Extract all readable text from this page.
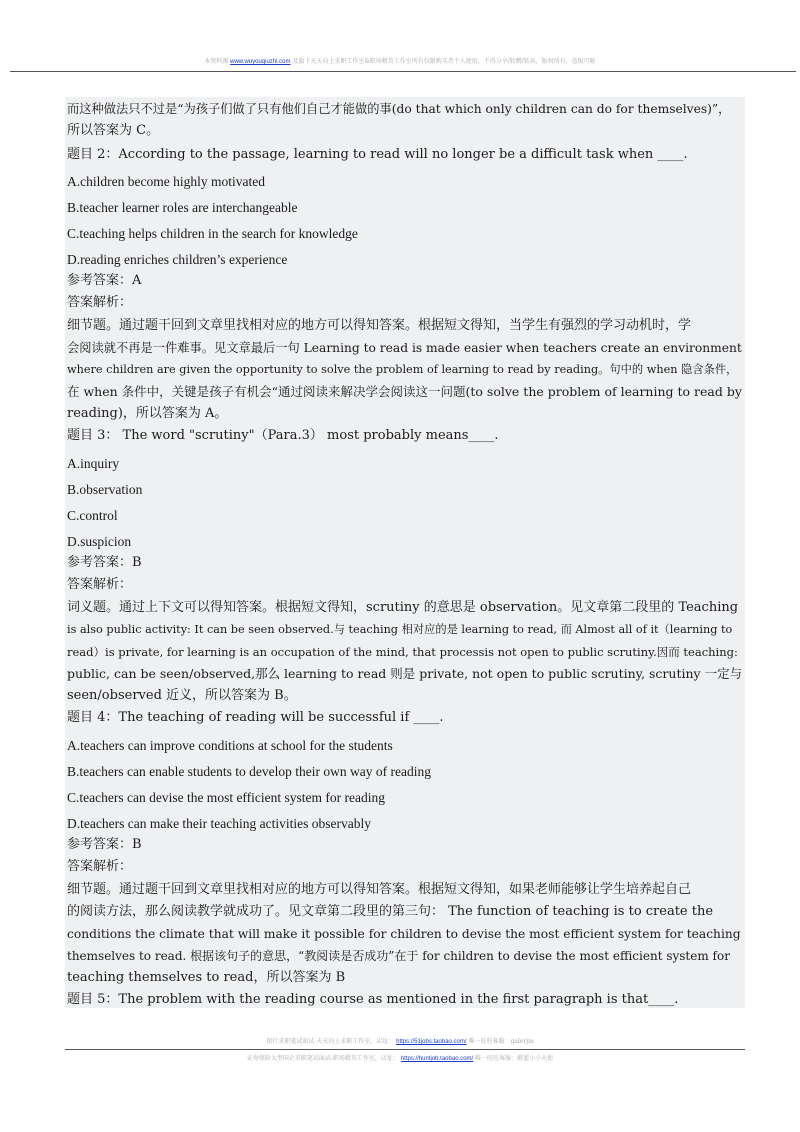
本资料源 www.wuyouqiuzhi.com 及旗下天天向上求职工作室&职场精英工作室所有仅限购买者个人使用，不得分享/转赠/转卖，版权所有，盗版可耻
而这种做法只不过是“为孩子们做了只有他们自己才能做的事(do that which only children can do for themselves)”，
所以答案为 C。
题目 2：According to the passage, learning to read will no longer be a difficult task when ____.
A.children become highly motivated
B.teacher learner roles are interchangeable
C.teaching helps children in the search for knowledge
D.reading enriches children’s experience
参考答案：A
答案解析：
细节题。通过题干回到文章里找相对应的地方可以得知答案。根据短文得知，当学生有强烈的学习动机时，学
会阅读就不再是一件难事。见文章最后一句 Learning to read is made easier when teachers create an environment
where children are given the opportunity to solve the problem of learning to read by reading。句中的 when 隐含条件，
在 when 条件中，关键是孩子有机会“通过阅读来解决学会阅读这一问题(to solve the problem of learning to read by
reading)，所以答案为 A。
题目 3： The word "scrutiny"（Para.3） most probably means____.
A.inquiry
B.observation
C.control
D.suspicion
参考答案：B
答案解析：
词义题。通过上下文可以得知答案。根据短文得知，scrutiny 的意思是 observation。见文章第二段里的 Teaching
is also public activity: It can be seen observed.与 teaching 相对应的是 learning to read, 而 Almost all of it（learning to
read）is private, for learning is an occupation of the mind, that processis not open to public scrutiny.因而 teaching:
public, can be seen/observed,那么 learning to read 则是 private, not open to public scrutiny, scrutiny 一定与
seen/observed 近义，所以答案为 B。
题目 4：The teaching of reading will be successful if ____.
A.teachers can improve conditions at school for the students
B.teachers can enable students to develop their own way of reading
C.teachers can devise the most efficient system for reading
D.teachers can make their teaching activities observably
参考答案：B
答案解析：
细节题。通过题干回到文章里找相对应的地方可以得知答案。根据短文得知，如果老师能够让学生培养起自己
的阅读方法，那么阅读教学就成功了。见文章第二段里的第三句： The function of teaching is to create the
conditions the climate that will make it possible for children to devise the most efficient system for teaching
themselves to read. 根据该句子的意思，“教阅读是否成功”在于 for children to devise the most efficient system for
teaching themselves to read，所以答案为 B
题目 5：The problem with the reading course as mentioned in the first paragraph is that____.
银行求职笔试面试-天天向上求职工作室，店址： https://51jobs.taobao.com/ 唯一旺旺客服：galerjm
证券保险大型国企求职笔试面试-职场精英工作室，店址： https://huntjob.taobao.com/ 唯一旺旺客服：蔚蓝小小天使
